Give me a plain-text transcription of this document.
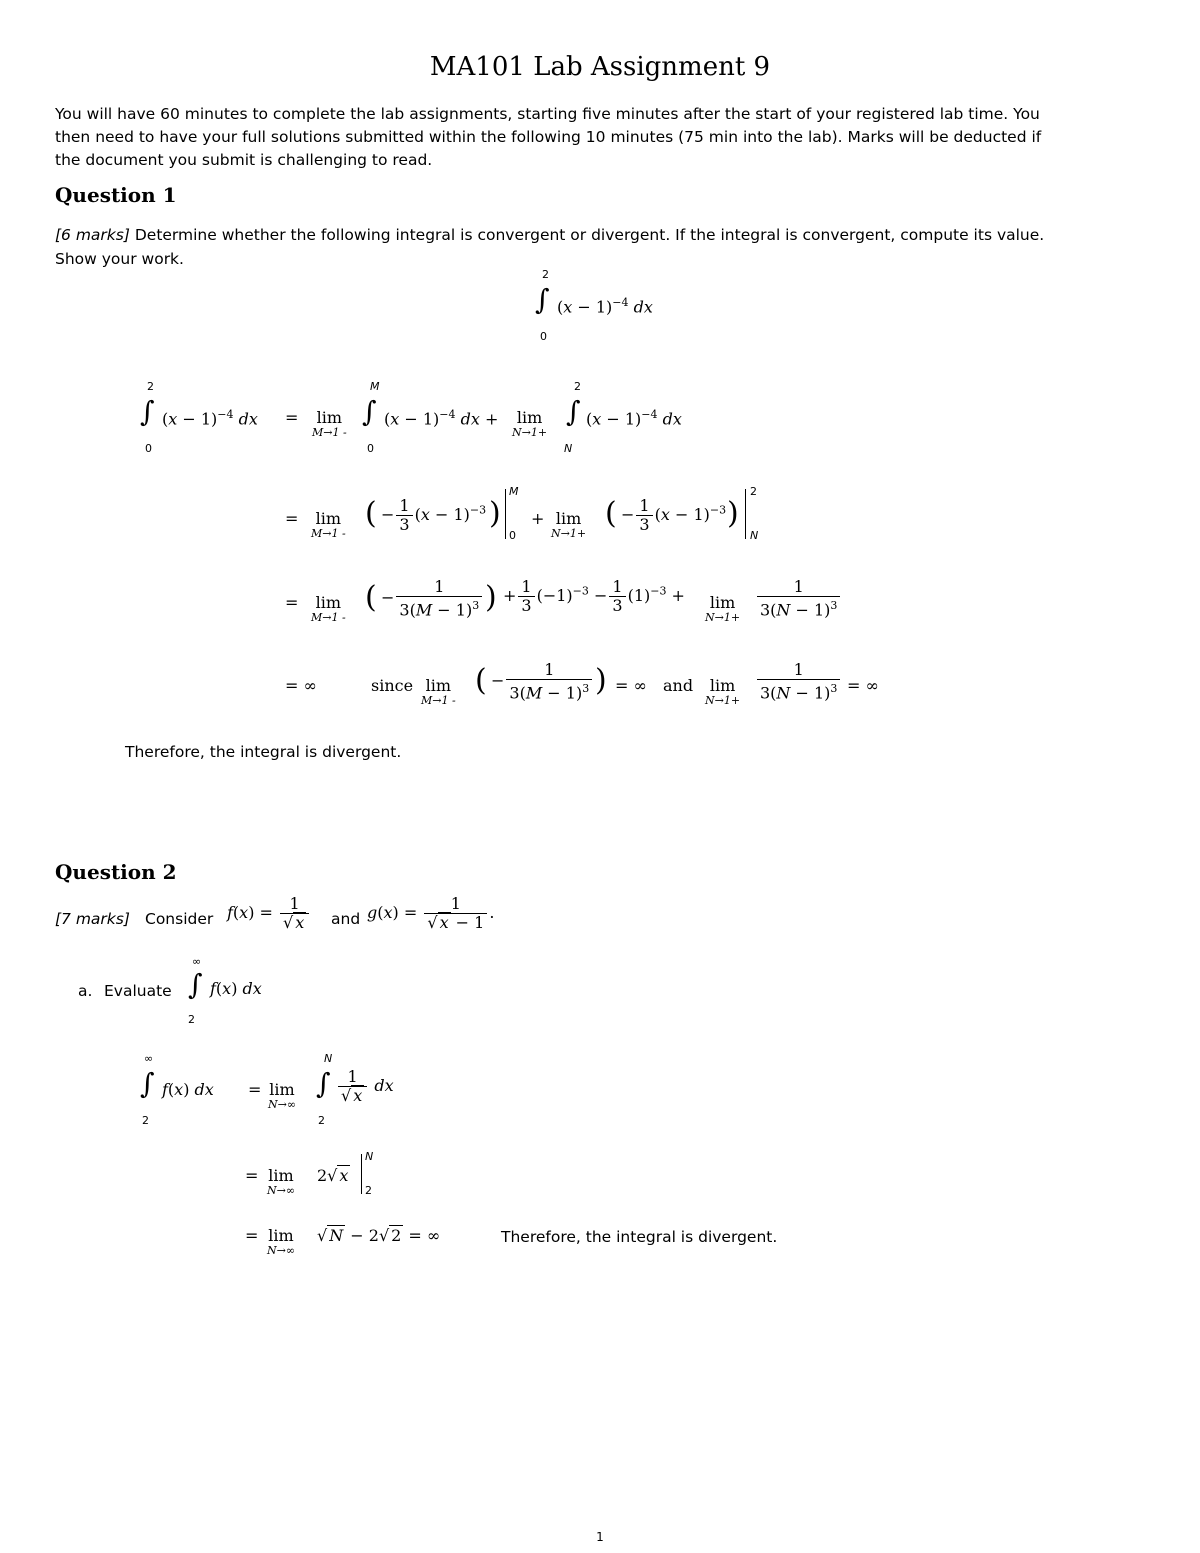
MA101 Lab Assignment 9
You will have 60 minutes to complete the lab assignments, starting five minutes after the start of your registered lab time. You
then need to have your full solutions submitted within the following 10 minutes (75 min into the lab). Marks will be deducted if
the document you submit is challenging to read.
Question 1
[6 marks] Determine whether the following integral is convergent or divergent. If the integral is convergent, compute its value.
Show your work.
2
∫
0
$(x - 1)^{-4}$ dx
2
∫
0
$(x - 1)^{-4}$ dx = lim
M→1 -
M
∫
0
$(x - 1)^{-4}$ dx +	lim
N→1+
2
∫
N
$(x - 1)^{-4}$ dx
= lim
M→1 -
( − $\frac{1}{3} (x - 1)^{-3}$ )
M
0
+ lim
N→1+
( − $\frac{1}{3} (x - 1)^{-3}$ )
2
N
= lim
M→1 -
( − $\frac{1}{3(M - 1)^3}$ ) + $\frac{1}{3} (-1)^{-3} - \frac{1}{3} (1)^{-3}$ +	lim
$N\to 1+ \frac{1}{3(N - 1)^3}$
= ∞	since lim
M→1 -
( − $\frac{1}{3(M - 1)^3}$ ) = ∞ and	lim
$N\to 1+ \frac{1}{3(N - 1)^3}$ = ∞
Therefore, the integral is divergent.
Question 2
[7 marks] Consider $f(x) = \frac{1}{√ x}$ and $g(x) = \frac{1}{√ x - 1}$ .
a. Evaluate
∞
∫
2
f(x) dx
∞
∫
2
f(x) dx = lim
N→∞
N
∫
2
$\frac{1}{√ x}$ dx
= lim
N→∞
2√ x
N
2
= lim
N→∞
√ N − 2√ 2 = ∞	Therefore, the integral is divergent.
1
